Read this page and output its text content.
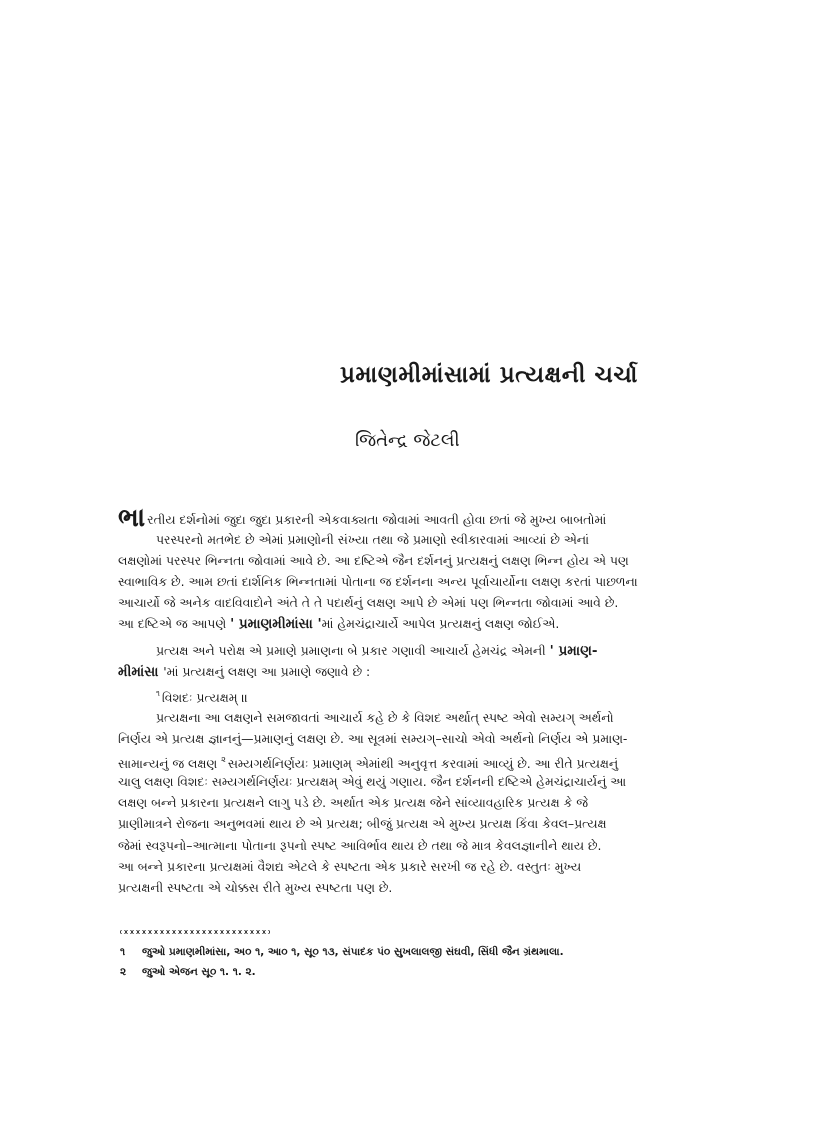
પ્રમાણમીમાંસામાં પ્રત્યક્ષની ચર્ચા
જિતેન્દ્ર જેટલી
ભારતીય દર્શનોમાં જુદા જુદા પ્રકારની એકવાક્યતા જોવામાં આવતી હોવા છતાં જે મુખ્ય બાબતોમાં
પરસ્પરનો મતભેદ છે એમાં પ્રમાણોની સંખ્યા તથા જે પ્રમાણો સ્વીકારવામાં આવ્યાં છે એનાં
લક્ષણોમાં પરસ્પર ભિન્નતા જોવામાં આવે છે. આ દષ્ટિએ જૈન દર્શનનું પ્રત્યક્ષનું લક્ષણ ભિન્ન હોય એ પણ
સ્વાભાવિક છે. આમ છતાં દાર્શનિક ભિન્નતામાં પોતાના જ દર્શનના અન્ય પૂર્વાચાર્યોના લક્ષણ કરતાં પાછળના
આચાર્યો જે અનેક વાદવિવાદોને અંતે તે તે પદાર્થનું લક્ષણ આપે છે એમાં પણ ભિન્નતા જોવામાં આવે છે.
આ દષ્ટિએ જ આપણે ' પ્રમાણમીમાંસા 'માં હેમચંદ્રાચાર્યે આપેલ પ્રત્યક્ષનું લક્ષણ જોઈએ.
પ્રત્યક્ષ અને પરોક્ષ એ પ્રમાણે પ્રમાણના બે પ્રકાર ગણાવી આચાર્ય હેમચંદ્ર એમની ' પ્રમાણ-
મીમાંસા 'માં પ્રત્યક્ષનું લક્ષણ આ પ્રમાણે જણાવે છે :
$^૧$ વિશદઃ પ્રત્યક્ષમ્ ॥
પ્રત્યક્ષના આ લક્ષણને સમજાવતાં આચાર્ય કહે છે કે વિશદ અર્થાત્ સ્પષ્ટ એવો સમ્યગ્ અર્થનો
નિર્ણય એ પ્રત્યક્ષ જ્ઞાનનું—પ્રમાણનું લક્ષણ છે. આ સૂત્રમાં સમ્યગ્–સાચો એવો અર્થનો નિર્ણય એ પ્રમાણ-
સામાન્યનું જ લક્ષણ $^૨$ સમ્યગર્થનિર્ણયઃ પ્રમાણમ્ એમાંથી અનુવૃત્ત કરવામાં આવ્યું છે. આ રીતે પ્રત્યક્ષનું
ચાલુ લક્ષણ વિશદઃ સમ્યગર્થનિર્ણયઃ પ્રત્યક્ષમ્ એવું થયું ગણાય. જૈન દર્શનની દષ્ટિએ હેમચંદ્રાચાર્યનું આ
લક્ષણ બન્ને પ્રકારના પ્રત્યક્ષને લાગુ પડે છે. અર્થાત એક પ્રત્યક્ષ જેને સાંવ્યાવહારિક પ્રત્યક્ષ કે જે
પ્રાણીમાત્રને રોજના અનુભવમાં થાય છે એ પ્રત્યક્ષ; બીજું પ્રત્યક્ષ એ મુખ્ય પ્રત્યક્ષ કિંવા કેવલ–પ્રત્યક્ષ
જેમાં સ્વરૂપનો–આત્માના પોતાના રૂપનો સ્પષ્ટ આવિર્ભાવ થાય છે તથા જે માત્ર કેવલજ્ઞાનીને થાય છે.
આ બન્ને પ્રકારના પ્રત્યક્ષમાં વૈશદ્ય એટલે કે સ્પષ્ટતા એક પ્રકારે સરખી જ રહે છે. વસ્તુતઃ મુખ્ય
પ્રત્યક્ષની સ્પષ્ટતા એ ચોક્કસ રીતે મુખ્ય સ્પષ્ટતા પણ છે.
૧ જુઓ પ્રમાણમીમાંસા, અ૦ ૧, આ૦ ૧, સૂ૦ ૧૩, સંપાદક પં૦ સુખલાલજી સંઘવી, સિંધી જૈન ગ્રંથમાલા.
૨ જુઓ એજન સૂ૦ ૧. ૧. ૨.
